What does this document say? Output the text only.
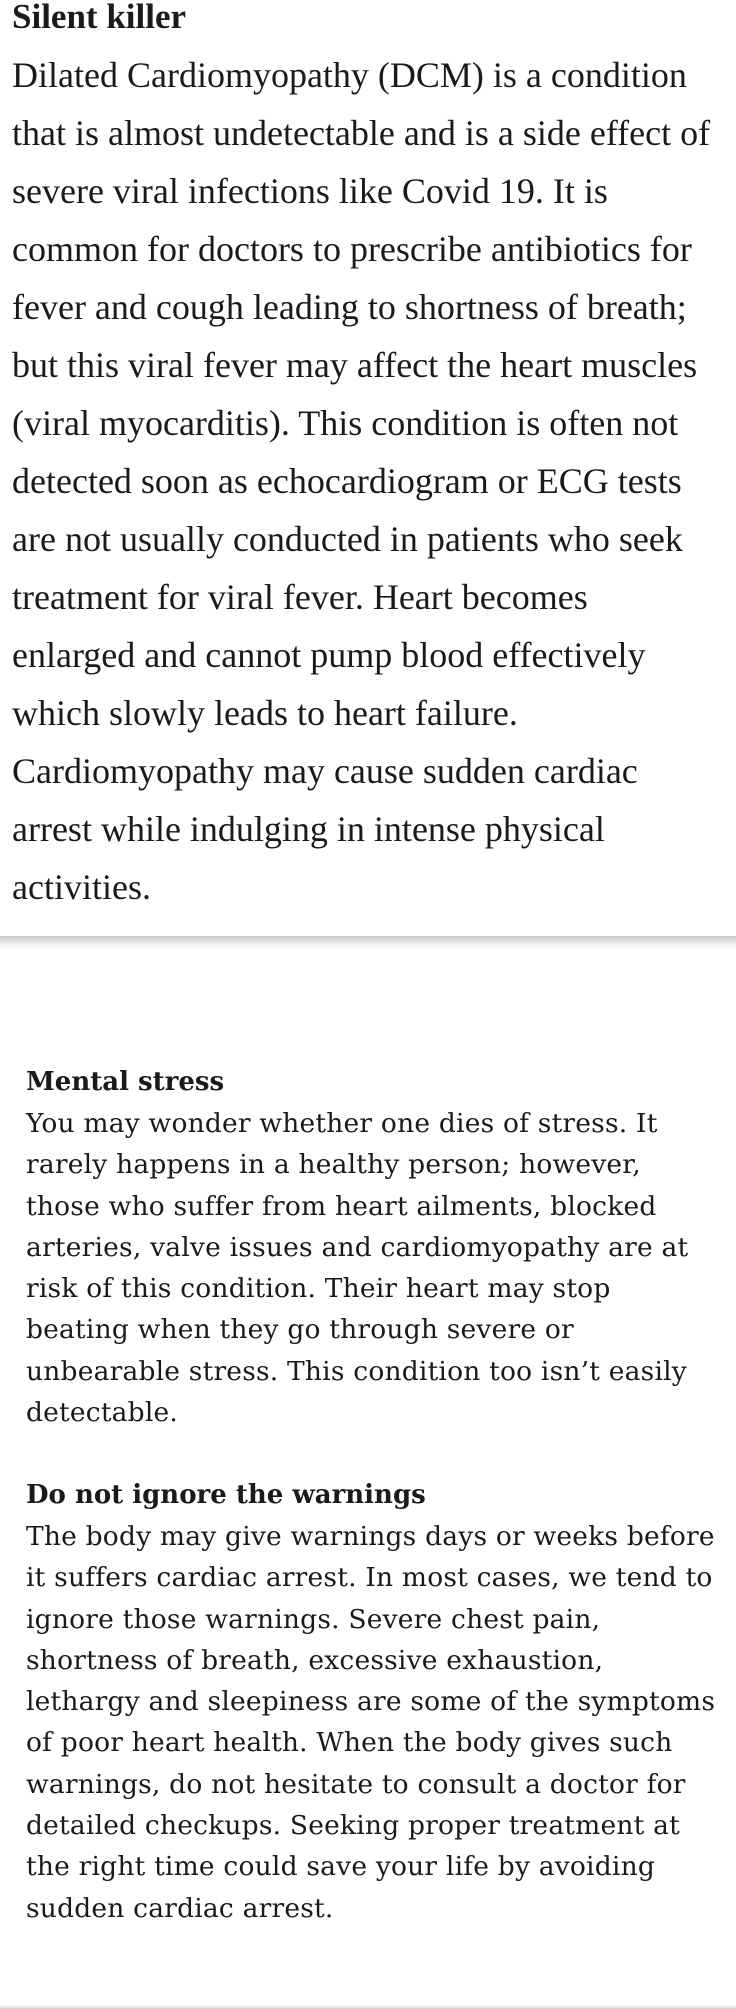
Silent killer

Dilated Cardiomyopathy (DCM) is a condition that is almost undetectable and is a side effect of severe viral infections like Covid 19. It is common for doctors to prescribe antibiotics for fever and cough leading to shortness of breath; but this viral fever may affect the heart muscles (viral myocarditis). This condition is often not detected soon as echocardiogram or ECG tests are not usually conducted in patients who seek treatment for viral fever. Heart becomes enlarged and cannot pump blood effectively which slowly leads to heart failure. Cardiomyopathy may cause sudden cardiac arrest while indulging in intense physical activities.

Mental stress

You may wonder whether one dies of stress. It rarely happens in a healthy person; however, those who suffer from heart ailments, blocked arteries, valve issues and cardiomyopathy are at risk of this condition. Their heart may stop beating when they go through severe or unbearable stress. This condition too isn’t easily detectable.

Do not ignore the warnings

The body may give warnings days or weeks before it suffers cardiac arrest. In most cases, we tend to ignore those warnings. Severe chest pain, shortness of breath, excessive exhaustion, lethargy and sleepiness are some of the symptoms of poor heart health. When the body gives such warnings, do not hesitate to consult a doctor for detailed checkups. Seeking proper treatment at the right time could save your life by avoiding sudden cardiac arrest.
